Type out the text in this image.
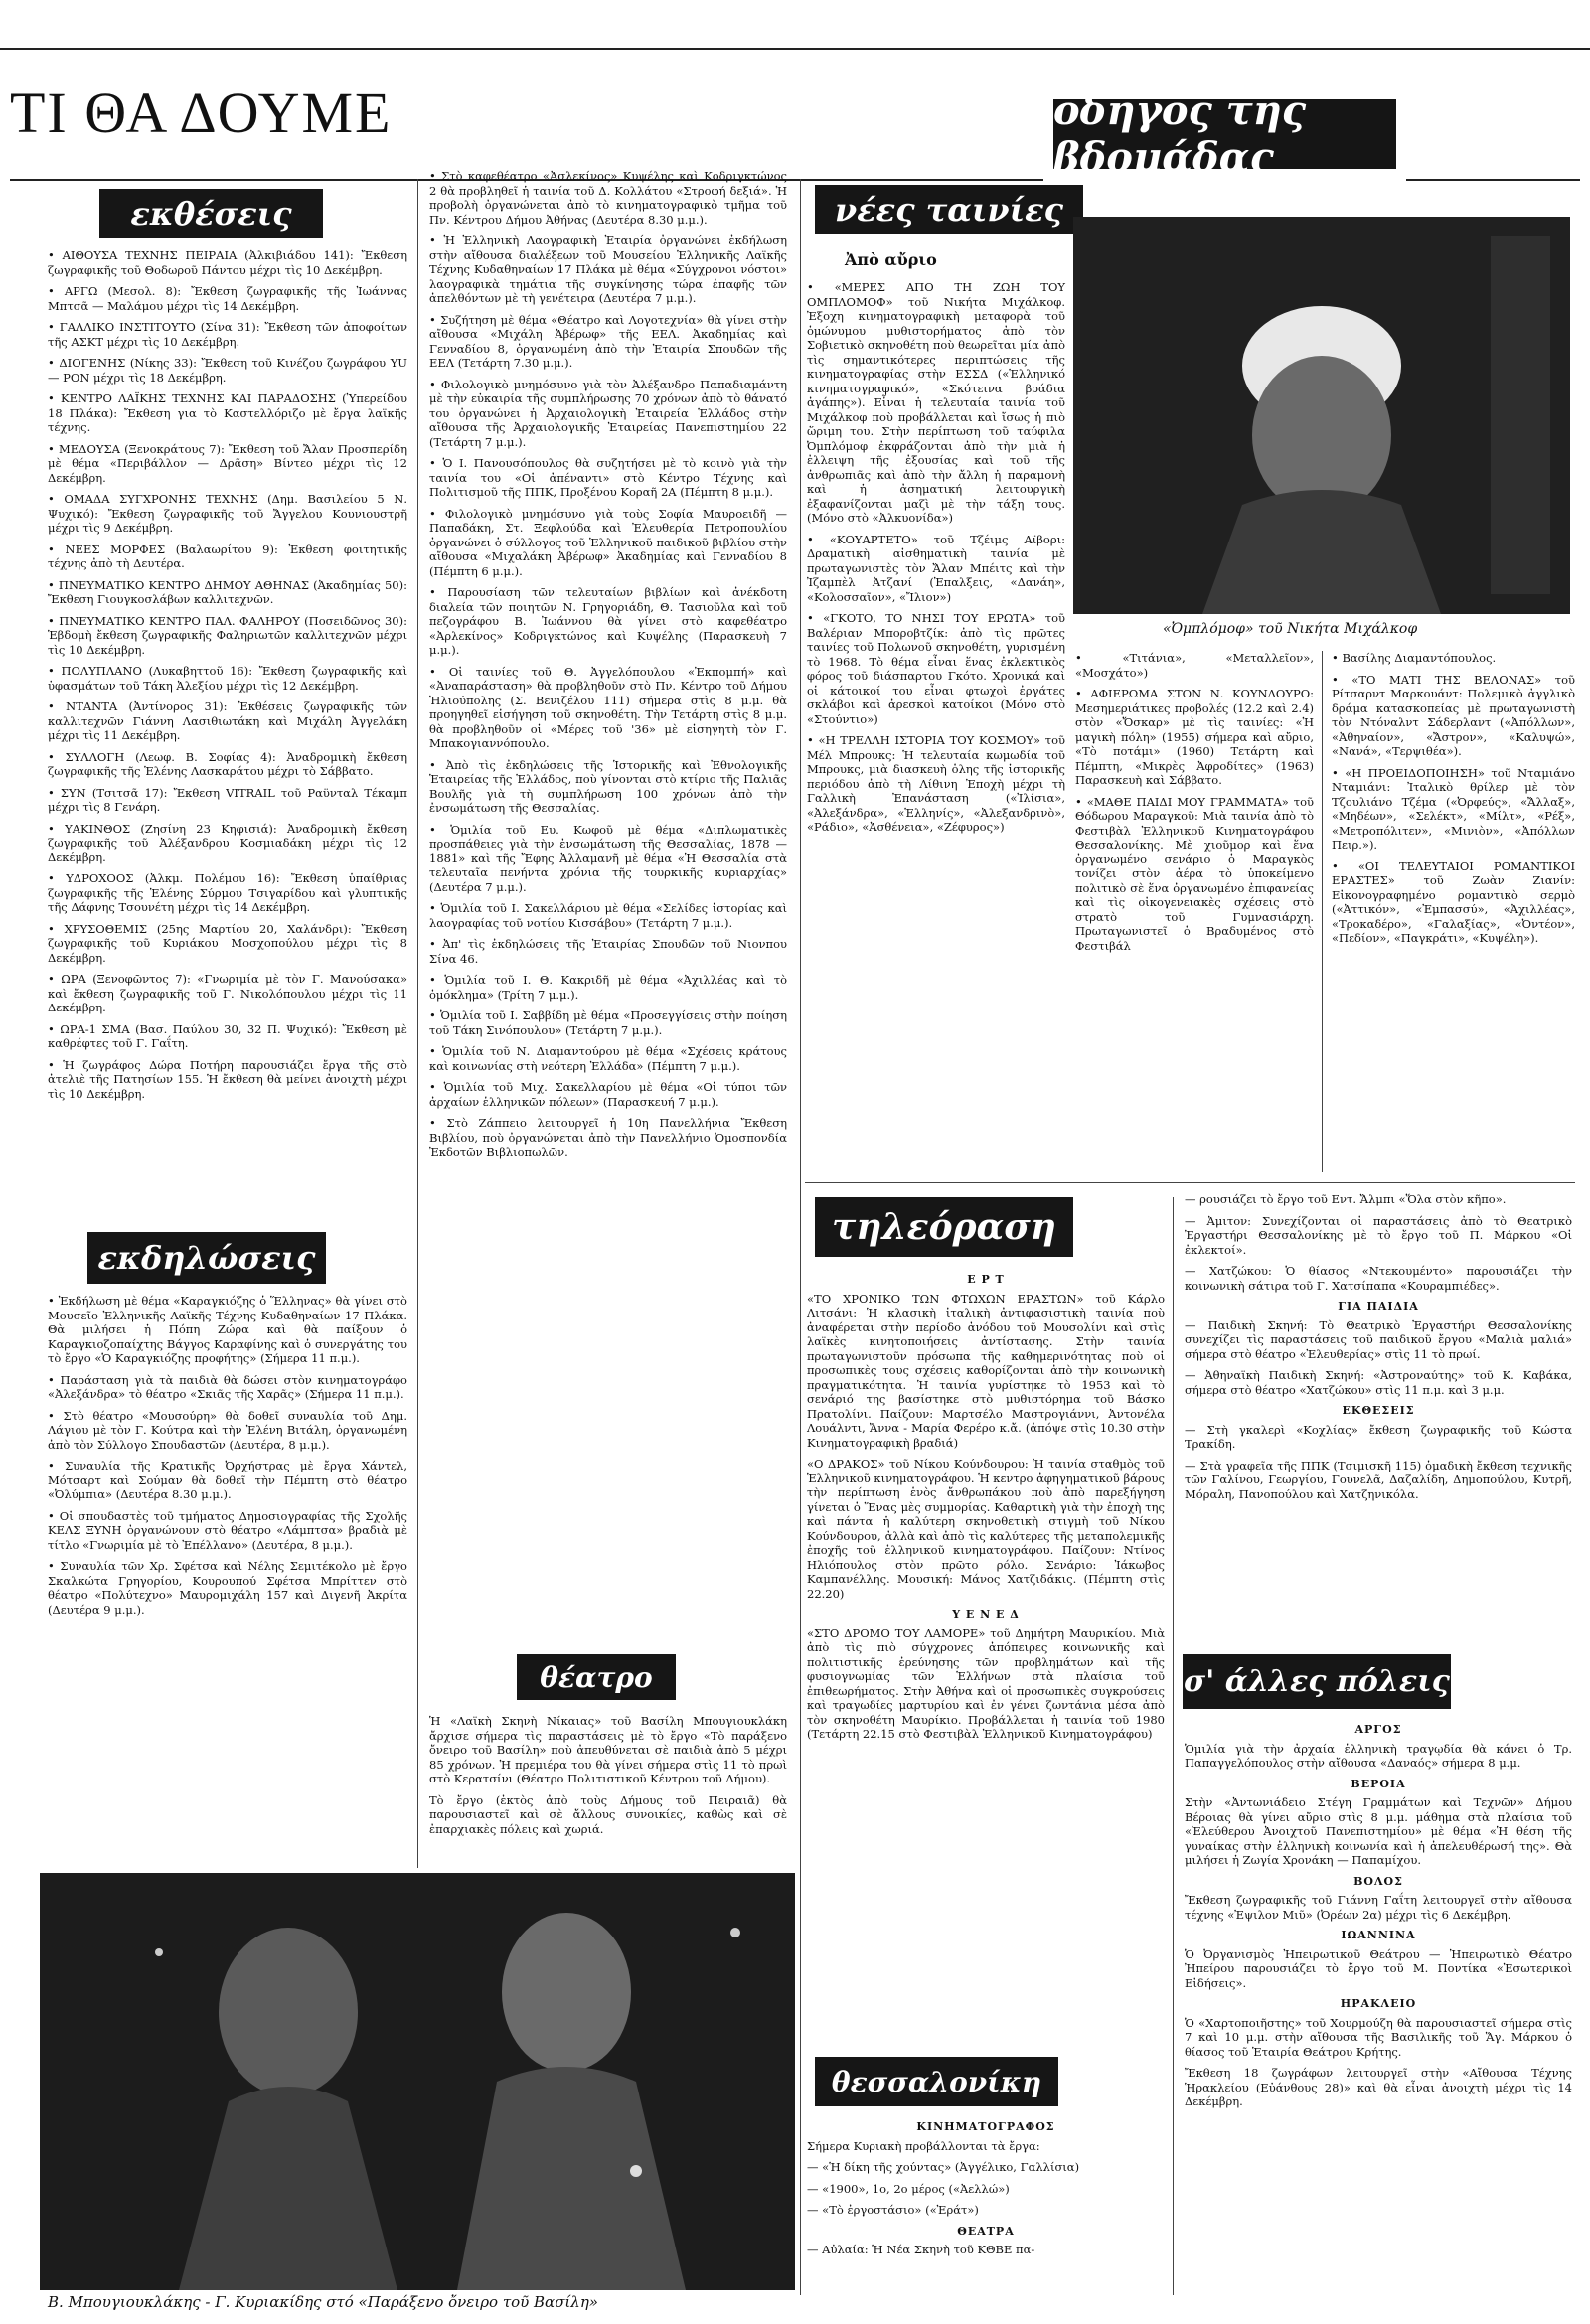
ΤΙ ΘΑ ΔΟΥΜΕ	οδηγός της βδομάδας
εκθέσεις

• ΑΙΘΟΥΣΑ ΤΕΧΝΗΣ ΠΕΙΡΑΙΑ (Ἀλκιβιάδου 141): Ἔκθεση ζωγραφικῆς τοῦ Θοδωροῦ Πάντου μέχρι τὶς 10 Δεκέμβρη.

• ΑΡΓΩ (Μεσολ. 8): Ἔκθεση ζωγραφικῆς τῆς Ἰωάννας Μπτσᾶ — Μαλάμου μέχρι τὶς 14 Δεκέμβρη.

• ΓΑΛΛΙΚΟ ΙΝΣΤΙΤΟΥΤΟ (Σίνα 31): Ἔκθεση τῶν ἀποφοίτων τῆς ΑΣΚΤ μέχρι τὶς 10 Δεκέμβρη.

• ΔΙΟΓΕΝΗΣ (Νίκης 33): Ἔκθεση τοῦ Κινέζου ζωγράφου YU — PON μέχρι τὶς 18 Δεκέμβρη.

• ΚΕΝΤΡΟ ΛΑΪΚΗΣ ΤΕΧΝΗΣ ΚΑΙ ΠΑΡΑΔΟΣΗΣ (Ὑπερείδου 18 Πλάκα): Ἔκθεση για τὸ Καστελλόριζο μὲ ἔργα λαϊκῆς τέχνης.

• ΜΕΔΟΥΣΑ (Ξενοκράτους 7): Ἔκθεση τοῦ Ἄλαν Προσπερίδη μὲ θέμα «Περιβάλλον — Δρᾶση» Βίντεο μέχρι τὶς 12 Δεκέμβρη.

• ΟΜΑΔΑ ΣΥΓΧΡΟΝΗΣ ΤΕΧΝΗΣ (Δημ. Βασιλείου 5 Ν. Ψυχικό): Ἔκθεση ζωγραφικῆς τοῦ Ἄγγελου Κουνιουστρῆ μέχρι τὶς 9 Δεκέμβρη.

• ΝΕΕΣ ΜΟΡΦΕΣ (Βαλαωρίτου 9): Ἐκθεση φοιτητικῆς τέχνης ἀπὸ τὴ Δευτέρα.

• ΠΝΕΥΜΑΤΙΚΟ ΚΕΝΤΡΟ ΔΗΜΟΥ ΑΘΗΝΑΣ (Ἀκαδημίας 50): Ἔκθεση Γιουγκοσλάβων καλλιτεχνῶν.

• ΠΝΕΥΜΑΤΙΚΟ ΚΕΝΤΡΟ ΠΑΛ. ΦΑΛΗΡΟΥ (Ποσειδῶνος 30): Ἑβδομὴ ἔκθεση ζωγραφικῆς Φαληριωτῶν καλλιτεχνῶν μέχρι τὶς 10 Δεκέμβρη.

• ΠΟΛΥΠΛΑΝΟ (Λυκαβηττοῦ 16): Ἔκθεση ζωγραφικῆς καὶ ὑφασμάτων τοῦ Τάκη Ἀλεξίου μέχρι τὶς 12 Δεκέμβρη.

• ΝΤΑΝΤΑ (Ἀντίνορος 31): Ἐκθέσεις ζωγραφικῆς τῶν καλλιτεχνῶν Γιάννη Λασιθιωτάκη καὶ Μιχάλη Ἀγγελάκη μέχρι τὶς 11 Δεκέμβρη.

• ΣΥΛΛΟΓΗ (Λεωφ. Β. Σοφίας 4): Ἀναδρομικὴ ἔκθεση ζωγραφικῆς τῆς Ἑλένης Λασκαράτου μέχρι τὸ Σάββατο.

• ΣΥΝ (Τσιτσᾶ 17): Ἔκθεση VITRAIL τοῦ Ραϋνταλ Τέκαμπ μέχρι τὶς 8 Γενάρη.

• ΥΑΚΙΝΘΟΣ (Ζησίνη 23 Κηφισιά): Ἀναδρομικὴ ἔκθεση ζωγραφικῆς τοῦ Ἀλέξανδρου Κοσμιαδάκη μέχρι τὶς 12 Δεκέμβρη.

• ΥΔΡΟΧΟΟΣ (Ἀλκμ. Πολέμου 16): Ἔκθεση ὑπαίθριας ζωγραφικῆς τῆς Ἑλένης Σύρμου Τσιγαρίδου καὶ γλυπτικῆς τῆς Δάφνης Τσουνέτη μέχρι τὶς 14 Δεκέμβρη.

• ΧΡΥΣΟΘΕΜΙΣ (25ης Μαρτίου 20, Χαλάνδρι): Ἔκθεση ζωγραφικῆς τοῦ Κυριάκου Μοσχοπούλου μέχρι τὶς 8 Δεκέμβρη.

• ΩΡΑ (Ξενοφῶντος 7): «Γνωριμία μὲ τὸν Γ. Μανούσακα» καὶ ἔκθεση ζωγραφικῆς τοῦ Γ. Νικολόπουλου μέχρι τὶς 11 Δεκέμβρη.

• ΩΡΑ-1 ΣΜΑ (Βασ. Παύλου 30, 32 Π. Ψυχικό): Ἔκθεση μὲ καθρέφτες τοῦ Γ. Γαΐτη.

• Ἡ ζωγράφος Δώρα Ποτήρη παρουσιάζει ἔργα τῆς στὸ ἀτελιὲ τῆς Πατησίων 155. Ἡ ἔκθεση θὰ μείνει ἀνοιχτὴ μέχρι τὶς 10 Δεκέμβρη.

εκδηλώσεις

• Ἐκδήλωση μὲ θέμα «Καραγκιόζης ὁ Ἕλληνας» θὰ γίνει στὸ Μουσεῖο Ἑλληνικῆς Λαϊκῆς Τέχνης Κυδαθηναίων 17 Πλάκα. Θὰ μιλήσει ἡ Πόπη Ζώρα καὶ θὰ παίξουν ὁ Καραγκιοζοπαίχτης Βάγγος Καραφίνης καὶ ὁ συνεργάτης του τὸ ἔργο «Ὁ Καραγκιόζης προφήτης» (Σήμερα 11 π.μ.).

• Παράσταση γιὰ τὰ παιδιὰ θὰ δώσει στὸν κινηματογράφο «Ἀλεξάνδρα» τὸ θέατρο «Σκιᾶς τῆς Χαρᾶς» (Σήμερα 11 π.μ.).

• Στὸ θέατρο «Μουσούρη» θὰ δοθεῖ συναυλία τοῦ Δημ. Λάγιου μὲ τὸν Γ. Κούτρα καὶ τὴν Ἑλένη Βιτάλη, ὀργανωμένη ἀπὸ τὸν Σύλλογο Σπουδαστῶν (Δευτέρα, 8 μ.μ.).

• Συναυλία τῆς Κρατικῆς Ὀρχήστρας μὲ ἔργα Χάντελ, Μότσαρτ καὶ Σούμαν θὰ δοθεῖ τὴν Πέμπτη στὸ θέατρο «Ὀλύμπια» (Δευτέρα 8.30 μ.μ.).

• Οἱ σπουδαστὲς τοῦ τμήματος Δημοσιογραφίας τῆς Σχολῆς ΚΕΛΣ ΞΥΝΗ ὀργανώνουν στὸ θέατρο «Λάμπτσα» βραδιὰ μὲ τίτλο «Γνωριμία μὲ τὸ Ἐπέλλανο» (Δευτέρα, 8 μ.μ.).

• Συναυλία τῶν Χρ. Σφέτσα καὶ Νέλης Σεμιτέκολο μὲ ἔργο Σκαλκώτα Γρηγορίου, Κουρουπού Σφέτσα Μπρίττεν στὸ θέατρο «Πολύτεχνο» Μαυρομιχάλη 157 καὶ Διγενῆ Ἀκρίτα (Δευτέρα 9 μ.μ.).

• Στὸ καφεθέατρο «Ἀσλεκίνος» Κυψέλης καὶ Κοδριγκτώνος 2 θὰ προβληθεῖ ἡ ταινία τοῦ Δ. Κολλάτου «Στροφή δεξιά». Ἡ προβολὴ ὀργανώνεται ἀπὸ τὸ κινηματογραφικὸ τμῆμα τοῦ Πν. Κέντρου Δήμου Ἀθήνας (Δευτέρα 8.30 μ.μ.).

• Ἡ Ἑλληνικὴ Λαογραφικὴ Ἑταιρία ὀργανώνει ἐκδήλωση στὴν αἴθουσα διαλέξεων τοῦ Μουσείου Ἑλληνικῆς Λαϊκῆς Τέχνης Κυδαθηναίων 17 Πλάκα μὲ θέμα «Σύγχρονοι νόστοι» λαογραφικὰ τημάτια τῆς συγκίνησης τώρα ἐπαφῆς τῶν ἀπελθόντων μὲ τὴ γενέτειρα (Δευτέρα 7 μ.μ.).

• Συζήτηση μὲ θέμα «Θέατρο καὶ Λογοτεχνία» θὰ γίνει στὴν αἴθουσα «Μιχάλη Ἀβέρωφ» τῆς ΕΕΛ. Ἀκαδημίας καὶ Γενναδίου 8, ὀργανωμένη ἀπὸ τὴν Ἑταιρία Σπουδῶν τῆς ΕΕΛ (Τετάρτη 7.30 μ.μ.).

• Φιλολογικὸ μνημόσυνο γιὰ τὸν Ἀλέξανδρο Παπαδιαμάντη μὲ τὴν εὐκαιρία τῆς συμπλήρωσης 70 χρόνων ἀπὸ τὸ θάνατό του ὀργανώνει ἡ Ἀρχαιολογικὴ Ἑταιρεία Ἑλλάδος στὴν αἴθουσα τῆς Ἀρχαιολογικῆς Ἑταιρείας Πανεπιστημίου 22 (Τετάρτη 7 μ.μ.).

• Ὁ Ι. Πανουσόπουλος θὰ συζητήσει μὲ τὸ κοινὸ γιὰ τὴν ταινία του «Οἱ ἀπέναντι» στὸ Κέντρο Τέχνης καὶ Πολιτισμοῦ τῆς ΠΠΚ, Προξένου Κοραῆ 2Α (Πέμπτη 8 μ.μ.).

• Φιλολογικὸ μνημόσυνο γιὰ τοὺς Σοφία Μαυροειδῆ — Παπαδάκη, Στ. Ξεφλούδα καὶ Ἐλευθερία Πετροπουλίου ὀργανώνει ὁ σύλλογος τοῦ Ἑλληνικοῦ παιδικοῦ βιβλίου στὴν αἴθουσα «Μιχαλάκη Ἀβέρωφ» Ἀκαδημίας καὶ Γενναδίου 8 (Πέμπτη 6 μ.μ.).

• Παρουσίαση τῶν τελευταίων βιβλίων καὶ ἀνέκδοτη διαλεία τῶν ποιητῶν Ν. Γρηγοριάδη, Θ. Τασιοῦλα καὶ τοῦ πεζογράφου Β. Ἰωάννου θὰ γίνει στὸ καφεθέατρο «Ἀρλεκίνος» Κοδριγκτώνος καὶ Κυψέλης (Παρασκευὴ 7 μ.μ.).

• Οἱ ταινίες τοῦ Θ. Ἀγγελόπουλου «Ἐκπομπή» καὶ «Ἀναπαράσταση» θὰ προβληθοῦν στὸ Πν. Κέντρο τοῦ Δήμου Ἡλιούπολης (Σ. Βενιζέλου 111) σήμερα στὶς 8 μ.μ. θὰ προηγηθεῖ εἰσήγηση τοῦ σκηνοθέτη. Τὴν Τετάρτη στὶς 8 μ.μ. θὰ προβληθοῦν οἱ «Μέρες τοῦ '36» μὲ εἰσηγητὴ τὸν Γ. Μπακογιαννόπουλο.

• Ἀπὸ τὶς ἐκδηλώσεις τῆς Ἱστορικῆς καὶ Ἐθνολογικῆς Ἑταιρείας τῆς Ἑλλάδος, ποὺ γίνονται στὸ κτίριο τῆς Παλιᾶς Βουλῆς γιὰ τὴ συμπλήρωση 100 χρόνων ἀπὸ τὴν ἐνσωμάτωση τῆς Θεσσαλίας.

• Ὁμιλία τοῦ Ευ. Κωφοῦ μὲ θέμα «Διπλωματικὲς προσπάθειες γιὰ τὴν ἐνσωμάτωση τῆς Θεσσαλίας, 1878 — 1881» καὶ τῆς Ἔφης Ἀλλαμανῆ μὲ θέμα «Ἡ Θεσσαλία στὰ τελευταῖα πενήντα χρόνια τῆς τουρκικῆς κυριαρχίας» (Δευτέρα 7 μ.μ.).

• Ὁμιλία τοῦ Ι. Σακελλάριου μὲ θέμα «Σελίδες ἱστορίας καὶ λαογραφίας τοῦ νοτίου Κισσάβου» (Τετάρτη 7 μ.μ.).

• Ἀπ' τὶς ἐκδηλώσεις τῆς Ἑταιρίας Σπουδῶν τοῦ Νιονπου Σίνα 46.

• Ὁμιλία τοῦ Ι. Θ. Κακριδῆ μὲ θέμα «Ἀχιλλέας καὶ τὸ ὁμόκλημα» (Τρίτη 7 μ.μ.).

• Ὁμιλία τοῦ Ι. Σαββίδη μὲ θέμα «Προσεγγίσεις στὴν ποίηση τοῦ Τάκη Σινόπουλου» (Τετάρτη 7 μ.μ.).

• Ὁμιλία τοῦ Ν. Διαμαντούρου μὲ θέμα «Σχέσεις κράτους καὶ κοινωνίας στὴ νεότερη Ἑλλάδα» (Πέμπτη 7 μ.μ.).

• Ὁμιλία τοῦ Μιχ. Σακελλαρίου μὲ θέμα «Οἱ τύποι τῶν ἀρχαίων ἑλληνικῶν πόλεων» (Παρασκευή 7 μ.μ.).

• Στὸ Ζάππειο λειτουργεῖ ἡ 10η Πανελλήνια Ἔκθεση Βιβλίου, ποὺ ὀργανώνεται ἀπὸ τὴν Πανελλήνιο Ὁμοσπονδία Ἐκδοτῶν Βιβλιοπωλῶν.

θέατρο

Ἡ «Λαϊκὴ Σκηνὴ Νίκαιας» τοῦ Βασίλη Μπουγιουκλάκη ἄρχισε σήμερα τὶς παραστάσεις μὲ τὸ ἔργο «Τὸ παράξενο ὄνειρο τοῦ Βασίλη» ποὺ ἀπευθύνεται σὲ παιδιὰ ἀπὸ 5 μέχρι 85 χρόνων. Ἡ πρεμιέρα του θὰ γίνει σήμερα στὶς 11 τὸ πρωὶ στὸ Κερατσίνι (Θέατρο Πολιτιστικοῦ Κέντρου τοῦ Δήμου).

Τὸ ἔργο (ἐκτὸς ἀπὸ τοὺς Δήμους τοῦ Πειραιᾶ) θὰ παρουσιαστεῖ καὶ σὲ ἄλλους συνοικίες, καθὼς καὶ σὲ ἐπαρχιακὲς πόλεις καὶ χωριά.

Β. Μπουγιουκλάκης - Γ. Κυριακίδης στό «Παράξενο ὄνειρο τοῦ Βασίλη»
νέες ταινίες
Ἀπὸ αὔριο

• «ΜΕΡΕΣ ΑΠΟ ΤΗ ΖΩΗ ΤΟΥ ΟΜΠΛΟΜΟΦ» τοῦ Νικήτα Μιχάλκοφ. Ἐξοχη κινηματογραφικὴ μεταφορὰ τοῦ ὁμώνυμου μυθιστορήματος ἀπὸ τὸν Σοβιετικὸ σκηνοθέτη ποὺ θεωρεῖται μία ἀπὸ τὶς σημαντικότερες περιπτώσεις τῆς κινηματογραφίας στὴν ΕΣΣΔ («Ἑλληνικό κινηματογραφικό», «Σκότεινα βράδια ἀγάπης»). Εἶναι ἡ τελευταία ταινία τοῦ Μιχάλκοφ ποὺ προβάλλεται καὶ ἴσως ἡ πιὸ ὥριμη του. Στὴν περίπτωση τοῦ ταύφιλα Ὀμπλόμοφ ἐκφράζονται ἀπὸ τὴν μιὰ ἡ ἐλλειψη τῆς ἐξουσίας καὶ τοῦ τῆς ἀνθρωπιᾶς καὶ ἀπὸ τὴν ἄλλη ἡ παραμονὴ καὶ ἡ ἀσηματική λειτουργικὴ ἐξαφανίζονται μαζὶ μὲ τὴν τάξη τους. (Μόνο στὸ «Ἀλκυονίδα»)

• «ΚΟΥΑΡΤΕΤΟ» τοῦ Τζέιμς Αϊβορι: Δραματικὴ αἰσθηματικὴ ταινία μὲ πρωταγωνιστὲς τὸν Ἄλαν Μπέιτς καὶ τὴν Ἰζαμπὲλ Ἀτζανί (Ἐπαλξεις, «Δανάη», «Κολοσσαῖον», «Ἴλιον»)

• «ΓΚΟΤΟ, ΤΟ ΝΗΣΙ ΤΟΥ ΕΡΩΤΑ» τοῦ Βαλέριαν Μποροβτζίκ: ἀπὸ τὶς πρῶτες ταινίες τοῦ Πολωνοῦ σκηνοθέτη, γυρισμένη τὸ 1968. Τὸ θέμα εἶναι ἕνας ἐκλεκτικὸς φόρος τοῦ διάσπαρτου Γκότο. Χρονικά καὶ οἱ κάτοικοί του εἶναι φτωχοὶ ἐργάτες σκλάβοι καὶ ἀρεσκοὶ κατοίκοι (Μόνο στὸ «Στούντιο»)

• «Η ΤΡΕΛΛΗ ΙΣΤΟΡΙΑ ΤΟΥ ΚΟΣΜΟΥ» τοῦ Μέλ Μπρουκς: Ἡ τελευταία κωμωδία τοῦ Μπρουκς, μιὰ διασκευὴ ὁλης τῆς ἱστορικῆς περιόδου ἀπὸ τὴ Λίθινη Ἐποχὴ μέχρι τὴ Γαλλικὴ Ἐπανάσταση («Ἰλίσια», «Ἀλεξάνδρα», «Ἑλληνίς», «Ἀλεξανδρινὸ», «Ράδιο», «Ἀσθένεια», «Ζέφυρος»)

«Ὀμπλόμοφ» τοῦ Νικήτα Μιχάλκοφ

• «Τιτάνια», «Μεταλλεῖον», «Μοσχάτο»)

• ΑΦΙΕΡΩΜΑ ΣΤΟΝ Ν. ΚΟΥΝΔΟΥΡΟ: Μεσημεριάτικες προβολές (12.2 καὶ 2.4) στὸν «Ὄσκαρ» μὲ τὶς ταινίες: «Ἡ μαγικὴ πόλη» (1955) σήμερα καὶ αὔριο, «Τὸ ποτάμι» (1960) Τετάρτη καὶ Πέμπτη, «Μικρὲς Ἀφροδίτες» (1963) Παρασκευὴ καὶ Σάββατο.

• «ΜΑΘΕ ΠΑΙΔΙ ΜΟΥ ΓΡΑΜΜΑΤΑ» τοῦ Θόδωρου Μαραγκοῦ: Μιὰ ταινία ἀπὸ τὸ Φεστιβὰλ Ἑλληνικοῦ Κινηματογράφου Θεσσαλονίκης. Μὲ χιοῦμορ καὶ ἕνα ὀργανωμένο σενάριο ὁ Μαραγκὸς τονίζει στὸν ἀέρα τὸ ὑποκείμενο πολιτικὸ σὲ ἕνα ὀργανωμένο ἐπιφανείας καὶ τὶς οἰκογενειακὲς σχέσεις στὸ στρατὸ τοῦ Γυμνασιάρχη. Πρωταγωνιστεῖ ὁ Βραδυμένος στὸ Φεστιβάλ

• Βασίλης Διαμαντόπουλος.

• «ΤΟ ΜΑΤΙ ΤΗΣ ΒΕΛΟΝΑΣ» τοῦ Ρίτσαρντ Μαρκουάντ: Πολεμικὸ ἀγγλικὸ δράμα κατασκοπείας μὲ πρωταγωνιστὴ τὸν Ντόναλντ Σάδερλαντ («Ἀπόλλων», «Ἀθηναίον», «Ἄστρον», «Καλυψώ», «Νανά», «Τερψιθέα»).

• «Η ΠΡΟΕΙΔΟΠΟΙΗΣΗ» τοῦ Νταμιάνο Νταμιάνι: Ἰταλικὸ θρίλερ μὲ τὸν Τζουλιάνο Τζέμα («Ὀρφεύς», «Ἄλλαξ», «Μηδέων», «Σελέκτ», «Μίλτ», «Ρέξ», «Μετροπόλιτεν», «Μινιὸν», «Ἀπόλλων Πειρ.»).

• «ΟΙ ΤΕΛΕΥΤΑΙΟΙ ΡΟΜΑΝΤΙΚΟΙ ΕΡΑΣΤΕΣ» τοῦ Ζωὰν Ζιανίν: Εἰκονογραφημένο ρομαντικὸ σερμὸ («Ἀττικόν», «Ἐμπασσύ», «Ἀχιλλέας», «Τροκαδέρο», «Γαλαξίας», «Ὀντέον», «Πεδίον», «Παγκράτι», «Κυψέλη»).

τηλεόραση
Ε Ρ Τ

«ΤΟ ΧΡΟΝΙΚΟ ΤΩΝ ΦΤΩΧΩΝ ΕΡΑΣΤΩΝ» τοῦ Κάρλο Λιτσάνι: Ἡ κλασικὴ ἰταλικὴ ἀντιφασιστικὴ ταινία ποὺ ἀναφέρεται στὴν περίοδο ἀνόδου τοῦ Μουσολίνι καὶ στὶς λαϊκὲς κινητοποιήσεις ἀντίστασης. Στὴν ταινία πρωταγωνιστοῦν πρόσωπα τῆς καθημερινότητας ποὺ οἱ προσωπικὲς τους σχέσεις καθορίζονται ἀπὸ τὴν κοινωνικὴ πραγματικότητα. Ἡ ταινία γυρίστηκε τὸ 1953 καὶ τὸ σενάριό της βασίστηκε στὸ μυθιστόρημα τοῦ Βάσκο Πρατολίνι. Παίζουν: Μαρτσέλο Μαστρογιάννι, Ἀντονέλα Λουάλντι, Ἄννα - Μαρία Φερέρο κ.ἄ. (ἀπόψε στὶς 10.30 στὴν Κινηματογραφικὴ βραδιά)

«Ο ΔΡΑΚΟΣ» τοῦ Νίκου Κούνδουρου: Ἡ ταινία σταθμὸς τοῦ Ἑλληνικοῦ κινηματογράφου. Ἡ κεντρο ἀφηγηματικοῦ βάρους τὴν περίπτωση ἑνὸς ἄνθρωπάκου ποὺ ἀπὸ παρεξήγηση γίνεται ὁ Ἕνας μὲς συμμορίας. Καθαρτικὴ γιὰ τὴν ἐποχὴ της καὶ πάντα ἡ καλύτερη σκηνοθετικὴ στιγμὴ τοῦ Νίκου Κούνδουρου, ἀλλὰ καὶ ἀπὸ τὶς καλύτερες τῆς μεταπολεμικῆς ἐποχῆς τοῦ ἑλληνικοῦ κινηματογράφου. Παίζουν: Ντίνος Ηλιόπουλος στὸν πρῶτο ρόλο. Σενάριο: Ἰάκωβος Καμπανέλλης. Μουσική: Μάνος Χατζιδάκις. (Πέμπτη στὶς 22.20)

Υ Ε Ν Ε Δ

«ΣΤΟ ΔΡΟΜΟ ΤΟΥ ΛΑΜΟΡΕ» τοῦ Δημήτρη Μαυρικίου. Μιὰ ἀπὸ τὶς πιὸ σύγχρονες ἀπόπειρες κοινωνικῆς καὶ πολιτιστικῆς ἐρεύνησης τῶν προβλημάτων καὶ τῆς φυσιογνωμίας τῶν Ἑλλήνων στὰ πλαίσια τοῦ ἐπιθεωρήματος. Στὴν Ἀθήνα καὶ οἱ προσωπικὲς συγκρούσεις καὶ τραγωδίες μαρτυρίου καὶ ἐν γένει ζωντάνια μέσα ἀπὸ τὸν σκηνοθέτη Μαυρίκιο. Προβάλλεται ἡ ταινία τοῦ 1980 (Τετάρτη 22.15 στὸ Φεστιβὰλ Ἑλληνικοῦ Κινηματογράφου)

— ρουσιάζει τὸ ἔργο τοῦ Εντ. Ἄλμπι «Ὅλα στὸν κῆπο».

— Ἀμιτον: Συνεχίζονται οἱ παραστάσεις ἀπὸ τὸ Θεατρικὸ Ἐργαστήρι Θεσσαλονίκης μὲ τὸ ἔργο τοῦ Π. Μάρκου «Οἱ ἐκλεκτοί».

— Χατζώκου: Ὁ θίασος «Ντεκουμέντο» παρουσιάζει τὴν κοινωνικὴ σάτιρα τοῦ Γ. Χατσίπαπα «Κουραμπιέδες».

ΓΙΑ ΠΑΙΔΙΑ

— Παιδικὴ Σκηνή: Τὸ Θεατρικὸ Ἐργαστήρι Θεσσαλονίκης συνεχίζει τὶς παραστάσεις τοῦ παιδικοῦ ἔργου «Μαλιὰ μαλιά» σήμερα στὸ θέατρο «Ἐλευθερίας» στὶς 11 τὸ πρωί.

— Ἀθηναϊκὴ Παιδικὴ Σκηνή: «Ἀστροναύτης» τοῦ Κ. Καβάκα, σήμερα στὸ θέατρο «Χατζώκου» στὶς 11 π.μ. καὶ 3 μ.μ.

ΕΚΘΕΣΕΙΣ

— Στὴ γκαλερὶ «Κοχλίας» ἔκθεση ζωγραφικῆς τοῦ Κώστα Τρακίδη.

— Στὰ γραφεῖα τῆς ΠΠΚ (Τσιμισκῆ 115) ὁμαδικὴ ἔκθεση τεχνικῆς τῶν Γαλίνου, Γεωργίου, Γουνελᾶ, Δαζαλίδη, Δημοπούλου, Κυτρῆ, Μόραλη, Πανοπούλου καὶ Χατζηνικόλα.

θεσσαλονίκη
ΚΙΝΗΜΑΤΟΓΡΑΦΟΣ

Σήμερα Κυριακὴ προβάλλονται τὰ ἔργα:

— «Ἡ δίκη τῆς χούντας» (Ἀγγέλικο, Γαλλίσια)

— «1900», 1ο, 2ο μέρος («Ἀελλώ»)

— «Τὸ ἐργοστάσιο» («Ἐράτ»)

ΘΕΑΤΡΑ

— Αὐλαία: Ἡ Νέα Σκηνὴ τοῦ ΚΘΒΕ πα-

σ' άλλες πόλεις
ΑΡΓΟΣ

Ὁμιλία γιὰ τὴν ἀρχαία ἑλληνικὴ τραγῳδία θὰ κάνει ὁ Τρ. Παπαγγελόπουλος στὴν αἴθουσα «Δαναός» σήμερα 8 μ.μ.

ΒΕΡΟΙΑ

Στὴν «Ἀντωνιάδειο Στέγη Γραμμάτων καὶ Τεχνῶν» Δήμου Βέροιας θὰ γίνει αὔριο στὶς 8 μ.μ. μάθημα στὰ πλαίσια τοῦ «Ἐλεύθερου Ἀνοιχτοῦ Πανεπιστημίου» μὲ θέμα «Ἡ θέση τῆς γυναίκας στὴν ἑλληνικὴ κοινωνία καὶ ἡ ἀπελευθέρωσή της». Θὰ μιλήσει ἡ Ζωγία Χρονάκη — Παπαμίχου.

ΒΟΛΟΣ

Ἔκθεση ζωγραφικῆς τοῦ Γιάννη Γαΐτη λειτουργεῖ στὴν αἴθουσα τέχνης «Ἐψιλον Μιῦ» (Ὀρέων 2α) μέχρι τὶς 6 Δεκέμβρη.

ΙΩΑΝΝΙΝΑ

Ὁ Ὀργανισμὸς Ἠπειρωτικοῦ Θεάτρου — Ἠπειρωτικὸ Θέατρο Ἠπείρου παρουσιάζει τὸ ἔργο τοῦ Μ. Ποντίκα «Ἐσωτερικοὶ Εἰδήσεις».

ΗΡΑΚΛΕΙΟ

Ὁ «Χαρτοποιῆστης» τοῦ Χουρμούζη θὰ παρουσιαστεῖ σήμερα στὶς 7 καὶ 10 μ.μ. στὴν αἴθουσα τῆς Βασιλικῆς τοῦ Ἅγ. Μάρκου ὁ θίασος τοῦ Ἑταιρία Θεάτρου Κρήτης.

Ἔκθεση 18 ζωγράφων λειτουργεῖ στὴν «Αἴθουσα Τέχνης Ἡρακλείου (Εὐάνθους 28)» καὶ θὰ εἶναι ἀνοιχτὴ μέχρι τὶς 14 Δεκέμβρη.
